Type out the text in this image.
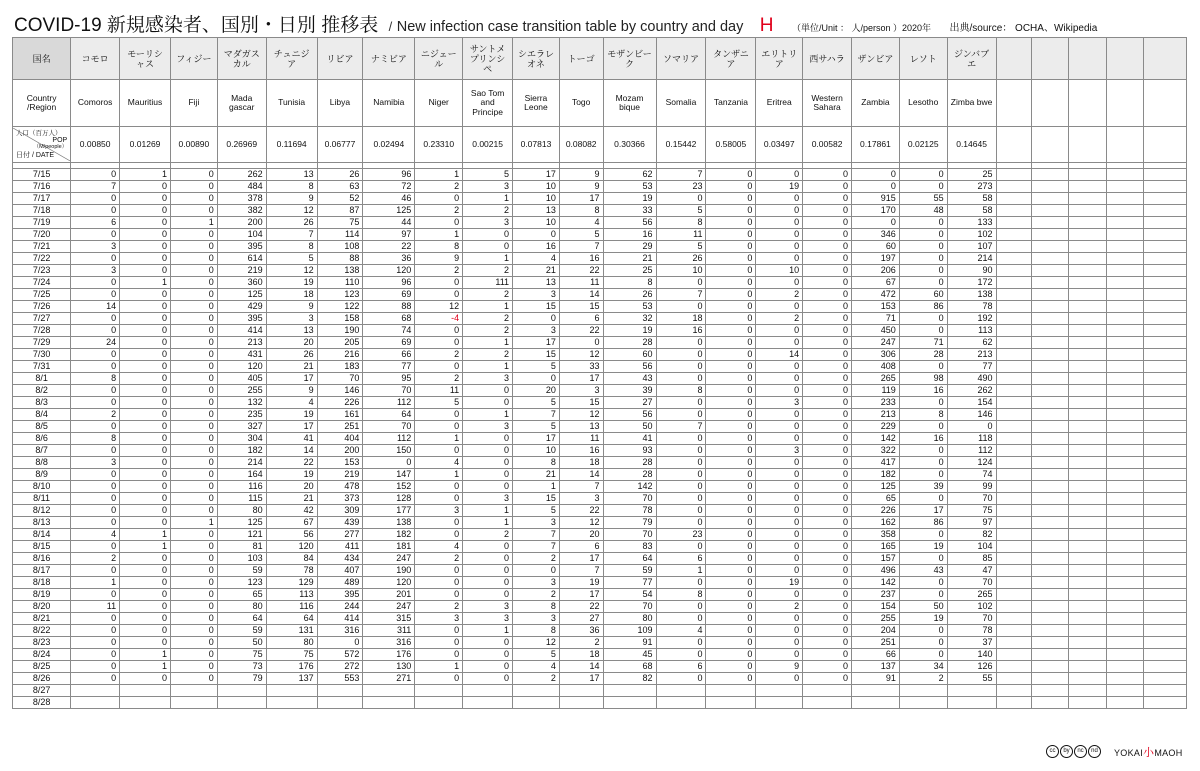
COVID-19 新規感染者、国別・日別 推移表 / New infection case transition table by country and day H （単位/Unit ： 人/person ）2020年 出典/source： OCHA、Wikipedia
国名	コモロ	モーリシャス	フィジー	マダガスカル	チュニジア	リビア	ナミビア	ニジェール	サントメプリンシペ	シエラレオネ	トーゴ	モザンビーク	ソマリア	タンザニア	エリトリア	西サハラ	ザンビア	レソト	ジンバブエ					
Country
/Region	Comoros	Mauritius	Fiji	Mada gascar	Tunisia	Libya	Namibia	Niger	Sao Tom and Principe	Sierra Leone	Togo	Mozam bique	Somalia	Tanzania	Eritrea	Western Sahara	Zambia	Lesotho	Zimba bwe					

人口（百万人）
POP
（M/people）
日付 / DATE	0.00850	0.01269	0.00890	0.26969	0.11694	0.06777	0.02494	0.23310	0.00215	0.07813	0.08082	0.30366	0.15442	0.58005	0.03497	0.00582	0.17861	0.02125	0.14645					

7/15	0	1	0	262	13	26	96	1	5	17	9	62	7	0	0	0	0	0	25					
7/16	7	0	0	484	8	63	72	2	3	10	9	53	23	0	19	0	0	0	273					
7/17	0	0	0	378	9	52	46	0	1	10	17	19	0	0	0	0	915	55	58					
7/18	0	0	0	382	12	87	125	2	2	13	8	33	5	0	0	0	170	48	58					
7/19	6	0	1	200	26	75	44	0	3	10	4	56	8	0	0	0	0	0	133					
7/20	0	0	0	104	7	114	97	1	0	0	5	16	11	0	0	0	346	0	102					
7/21	3	0	0	395	8	108	22	8	0	16	7	29	5	0	0	0	60	0	107					
7/22	0	0	0	614	5	88	36	9	1	4	16	21	26	0	0	0	197	0	214					
7/23	3	0	0	219	12	138	120	2	2	21	22	25	10	0	10	0	206	0	90					
7/24	0	1	0	360	19	110	96	0	111	13	11	8	0	0	0	0	67	0	172					
7/25	0	0	0	125	18	123	69	0	2	3	14	26	7	0	2	0	472	60	138					
7/26	14	0	0	429	9	122	88	12	1	15	15	53	0	0	0	0	153	86	78					
7/27	0	0	0	395	3	158	68	-4	2	0	6	32	18	0	2	0	71	0	192					
7/28	0	0	0	414	13	190	74	0	2	3	22	19	16	0	0	0	450	0	113					
7/29	24	0	0	213	20	205	69	0	1	17	0	28	0	0	0	0	247	71	62					
7/30	0	0	0	431	26	216	66	2	2	15	12	60	0	0	14	0	306	28	213					
7/31	0	0	0	120	21	183	77	0	1	5	33	56	0	0	0	0	408	0	77					
8/1	8	0	0	405	17	70	95	2	3	0	17	43	0	0	0	0	265	98	490					
8/2	0	0	0	255	9	146	70	11	0	20	3	39	8	0	0	0	119	16	262					
8/3	0	0	0	132	4	226	112	5	0	5	15	27	0	0	3	0	233	0	154					
8/4	2	0	0	235	19	161	64	0	1	7	12	56	0	0	0	0	213	8	146					
8/5	0	0	0	327	17	251	70	0	3	5	13	50	7	0	0	0	229	0	0					
8/6	8	0	0	304	41	404	112	1	0	17	11	41	0	0	0	0	142	16	118					
8/7	0	0	0	182	14	200	150	0	0	10	16	93	0	0	3	0	322	0	112					
8/8	3	0	0	214	22	153	0	4	0	8	18	28	0	0	0	0	417	0	124					
8/9	0	0	0	164	19	219	147	1	0	21	14	28	0	0	0	0	182	0	74					
8/10	0	0	0	116	20	478	152	0	0	1	7	142	0	0	0	0	125	39	99					
8/11	0	0	0	115	21	373	128	0	3	15	3	70	0	0	0	0	65	0	70					
8/12	0	0	0	80	42	309	177	3	1	5	22	78	0	0	0	0	226	17	75					
8/13	0	0	1	125	67	439	138	0	1	3	12	79	0	0	0	0	162	86	97					
8/14	4	1	0	121	56	277	182	0	2	7	20	70	23	0	0	0	358	0	82					
8/15	0	1	0	81	120	411	181	4	0	7	6	83	0	0	0	0	165	19	104					
8/16	2	0	0	103	84	434	247	2	0	2	17	64	6	0	0	0	157	0	85					
8/17	0	0	0	59	78	407	190	0	0	0	7	59	1	0	0	0	496	43	47					
8/18	1	0	0	123	129	489	120	0	0	3	19	77	0	0	19	0	142	0	70					
8/19	0	0	0	65	113	395	201	0	0	2	17	54	8	0	0	0	237	0	265					
8/20	11	0	0	80	116	244	247	2	3	8	22	70	0	0	2	0	154	50	102					
8/21	0	0	0	64	64	414	315	3	3	3	27	80	0	0	0	0	255	19	70					
8/22	0	0	0	59	131	316	311	0	1	8	36	109	4	0	0	0	204	0	78					
8/23	0	0	0	50	80	0	316	0	0	12	2	91	0	0	0	0	251	0	37					
8/24	0	1	0	75	75	572	176	0	0	5	18	45	0	0	0	0	66	0	140					
8/25	0	1	0	73	176	272	130	1	0	4	14	68	6	0	9	0	137	34	126					
8/26	0	0	0	79	137	553	271	0	0	2	17	82	0	0	0	0	91	2	55					
8/27																								
8/28																								
cc by nc nd	YOKAI小MAOH
